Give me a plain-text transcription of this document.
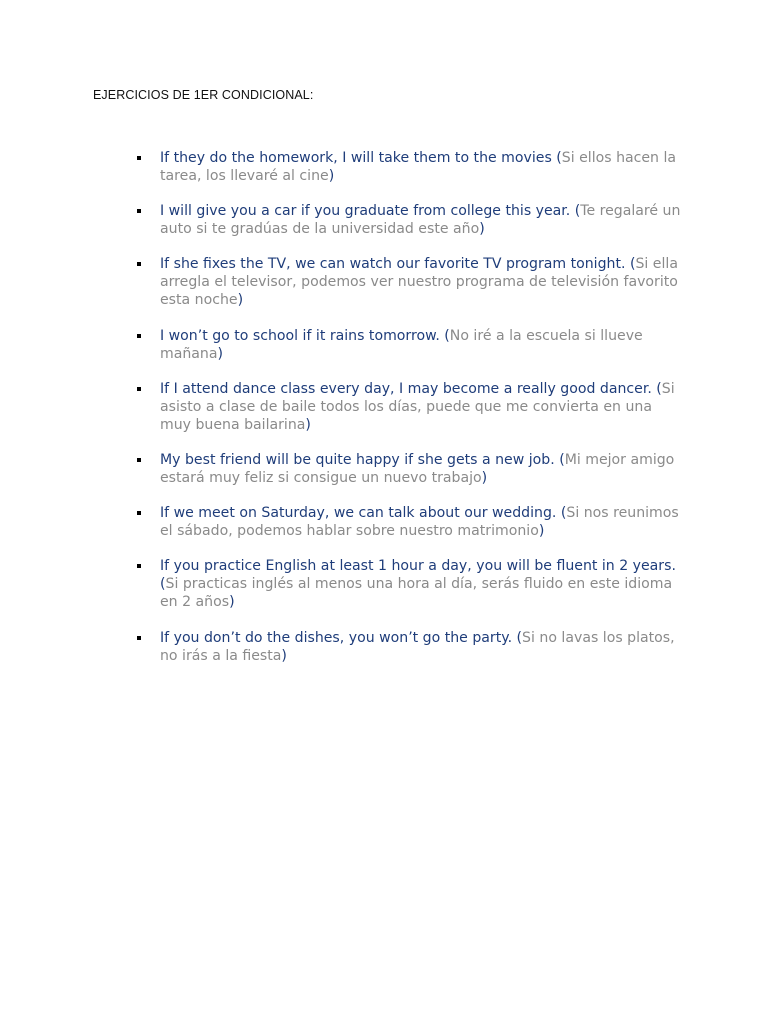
EJERCICIOS DE 1ER CONDICIONAL:
If they do the homework, I will take them to the movies (Si ellos hacen la tarea, los llevaré al cine)
I will give you a car if you graduate from college this year. (Te regalaré un auto si te gradúas de la universidad este año)
If she fixes the TV, we can watch our favorite TV program tonight. (Si ella arregla el televisor, podemos ver nuestro programa de televisión favorito esta noche)
I won’t go to school if it rains tomorrow. (No iré a la escuela si llueve mañana)
If I attend dance class every day, I may become a really good dancer. (Si asisto a clase de baile todos los días, puede que me convierta en una muy buena bailarina)
My best friend will be quite happy if she gets a new job. (Mi mejor amigo estará muy feliz si consigue un nuevo trabajo)
If we meet on Saturday, we can talk about our wedding. (Si nos reunimos el sábado, podemos hablar sobre nuestro matrimonio)
If you practice English at least 1 hour a day, you will be fluent in 2 years. (Si practicas inglés al menos una hora al día, serás fluido en este idioma en 2 años)
If you don’t do the dishes, you won’t go the party. (Si no lavas los platos, no irás a la fiesta)
